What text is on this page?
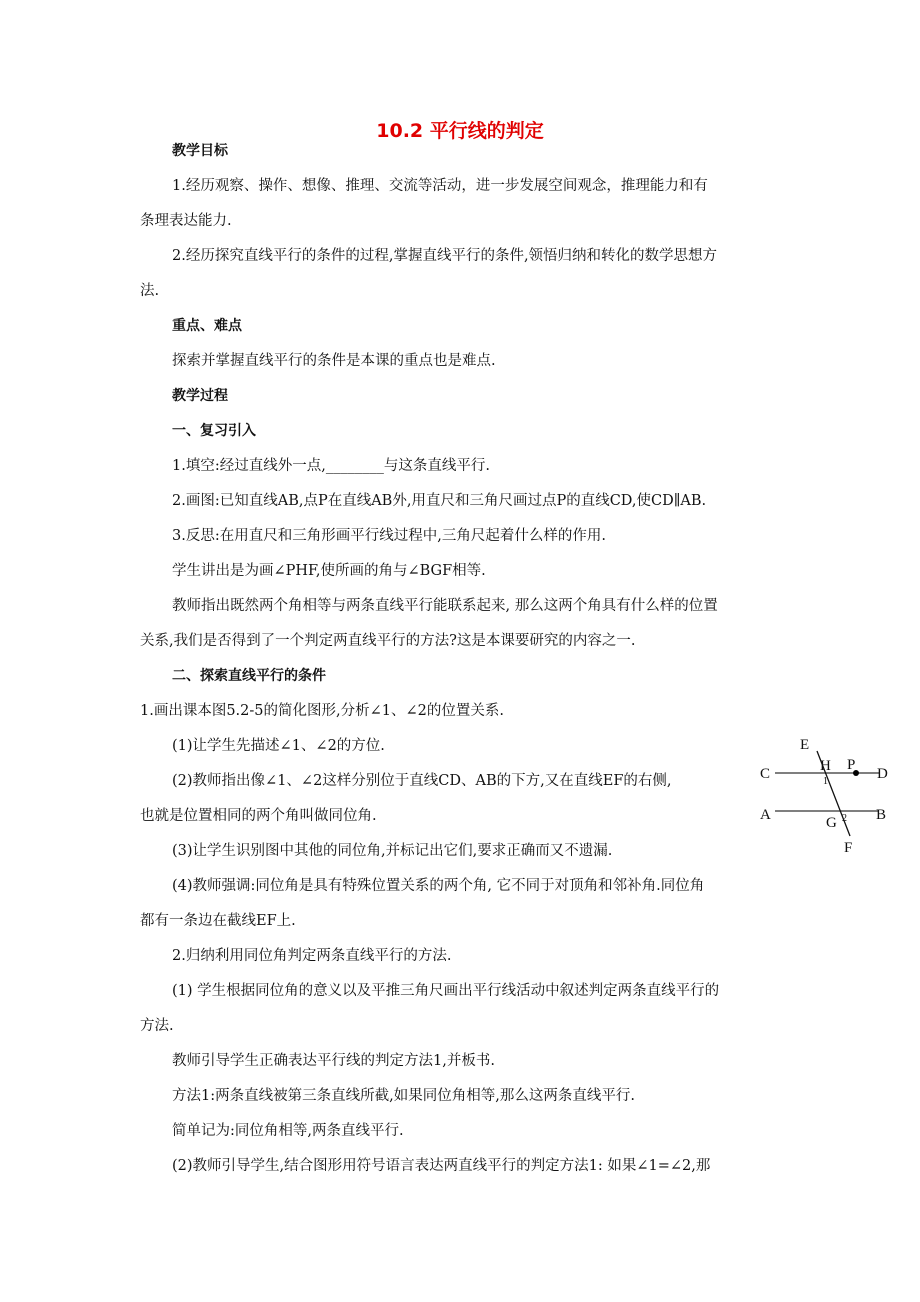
10.2 平行线的判定
教学目标
1.经历观察、操作、想像、推理、交流等活动，进一步发展空间观念，推理能力和有
条理表达能力.
2.经历探究直线平行的条件的过程,掌握直线平行的条件,领悟归纳和转化的数学思想方
法.
重点、难点
探索并掌握直线平行的条件是本课的重点也是难点.
教学过程
一、复习引入
1.填空:经过直线外一点,________与这条直线平行.
2.画图:已知直线AB,点P在直线AB外,用直尺和三角尺画过点P的直线CD,使CD∥AB.
3.反思:在用直尺和三角形画平行线过程中,三角尺起着什么样的作用.
学生讲出是为画∠PHF,使所画的角与∠BGF相等.
教师指出既然两个角相等与两条直线平行能联系起来, 那么这两个角具有什么样的位置
关系,我们是否得到了一个判定两直线平行的方法?这是本课要研究的内容之一.
二、探索直线平行的条件
1.画出课本图5.2-5的简化图形,分析∠1、∠2的位置关系.
(1)让学生先描述∠1、∠2的方位.
(2)教师指出像∠1、∠2这样分别位于直线CD、AB的下方,又在直线EF的右侧,
也就是位置相同的两个角叫做同位角.
(3)让学生识别图中其他的同位角,并标记出它们,要求正确而又不遗漏.
(4)教师强调:同位角是具有特殊位置关系的两个角, 它不同于对顶角和邻补角.同位角
都有一条边在截线EF上.
2.归纳利用同位角判定两条直线平行的方法.
(1) 学生根据同位角的意义以及平推三角尺画出平行线活动中叙述判定两条直线平行的
方法.
教师引导学生正确表达平行线的判定方法1,并板书.
方法1:两条直线被第三条直线所截,如果同位角相等,那么这两条直线平行.
简单记为:同位角相等,两条直线平行.
(2)教师引导学生,结合图形用符号语言表达两直线平行的判定方法1: 如果∠1=∠2,那
E
C	H P
D
1
A	B
G 2
F
